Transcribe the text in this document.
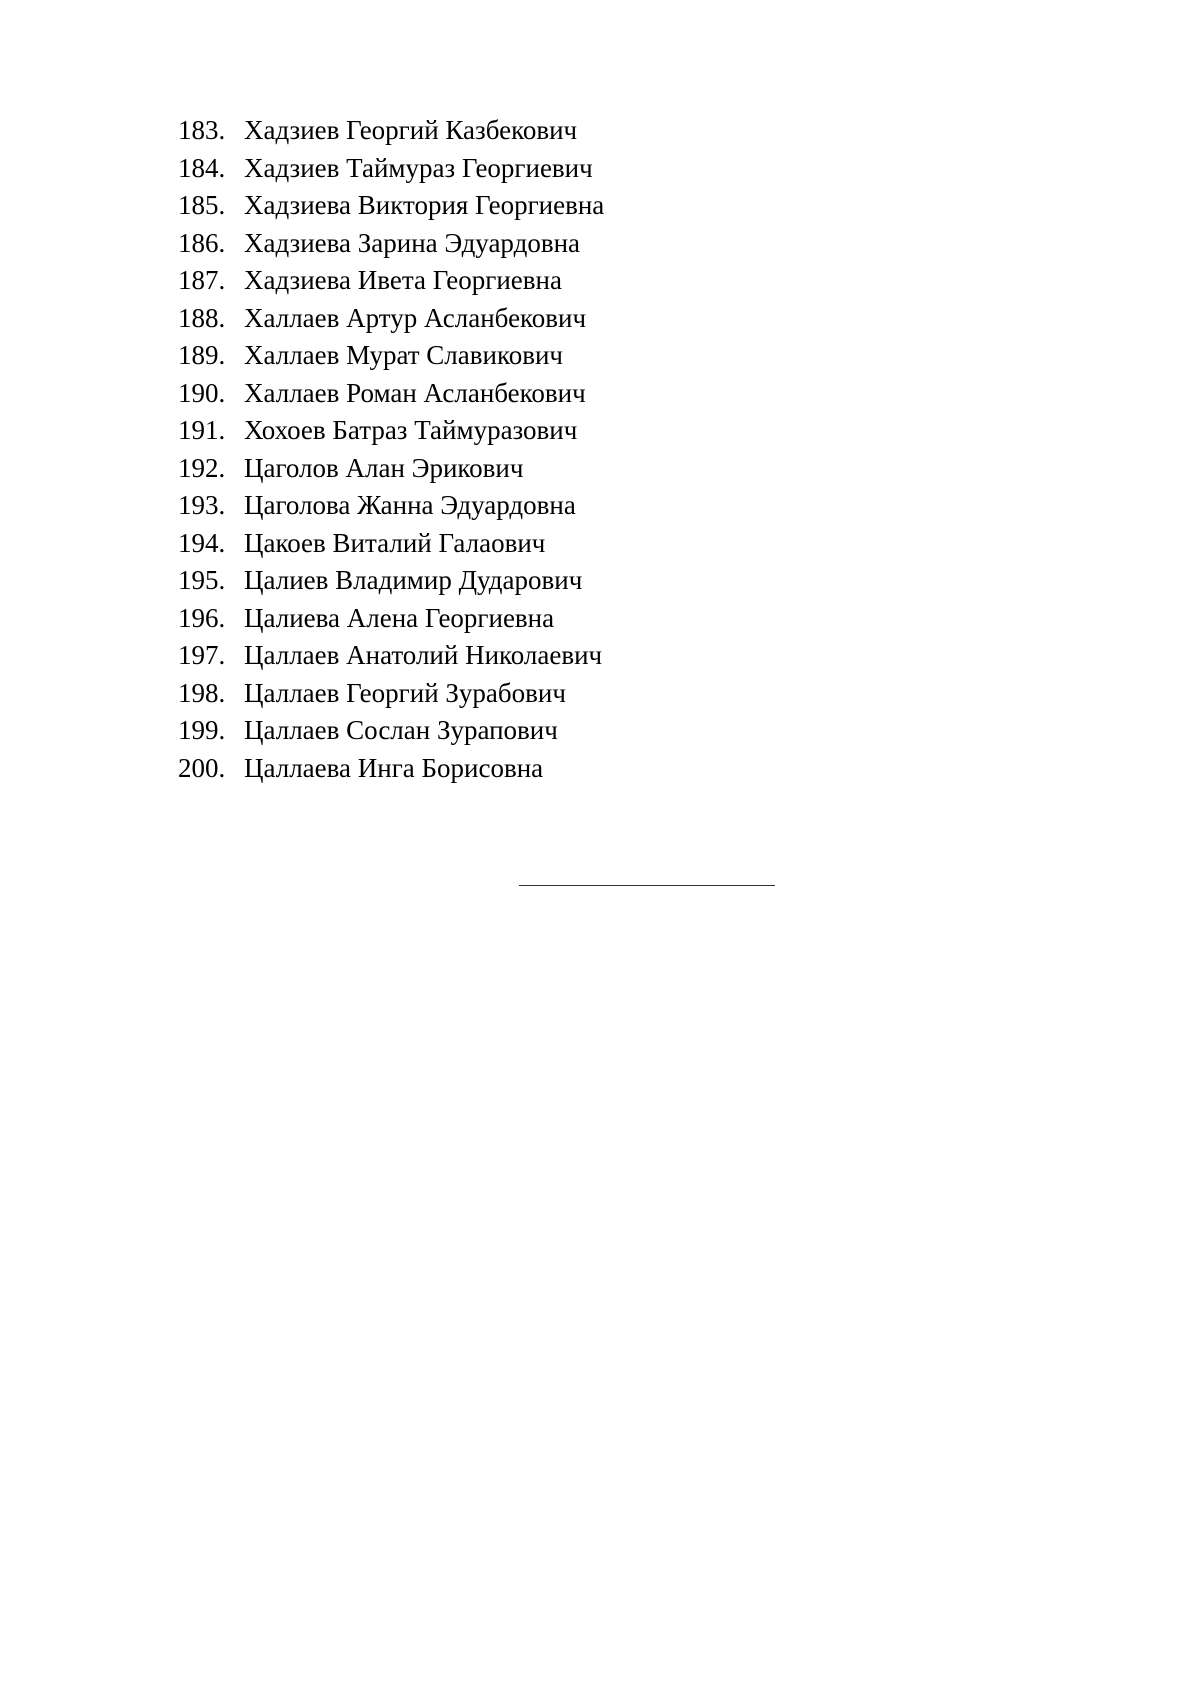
183. Хадзиев Георгий Казбекович
184. Хадзиев Таймураз Георгиевич
185. Хадзиева Виктория Георгиевна
186. Хадзиева Зарина Эдуардовна
187. Хадзиева Ивета Георгиевна
188. Халлаев Артур Асланбекович
189. Халлаев Мурат Славикович
190. Халлаев Роман Асланбекович
191. Хохоев Батраз Таймуразович
192. Цаголов Алан Эрикович
193. Цаголова Жанна Эдуардовна
194. Цакоев Виталий Галаович
195. Цалиев Владимир Дударович
196. Цалиева Алена Георгиевна
197. Цаллаев Анатолий Николаевич
198. Цаллаев Георгий Зурабович
199. Цаллаев Сослан Зурапович
200. Цаллаева Инга Борисовна
